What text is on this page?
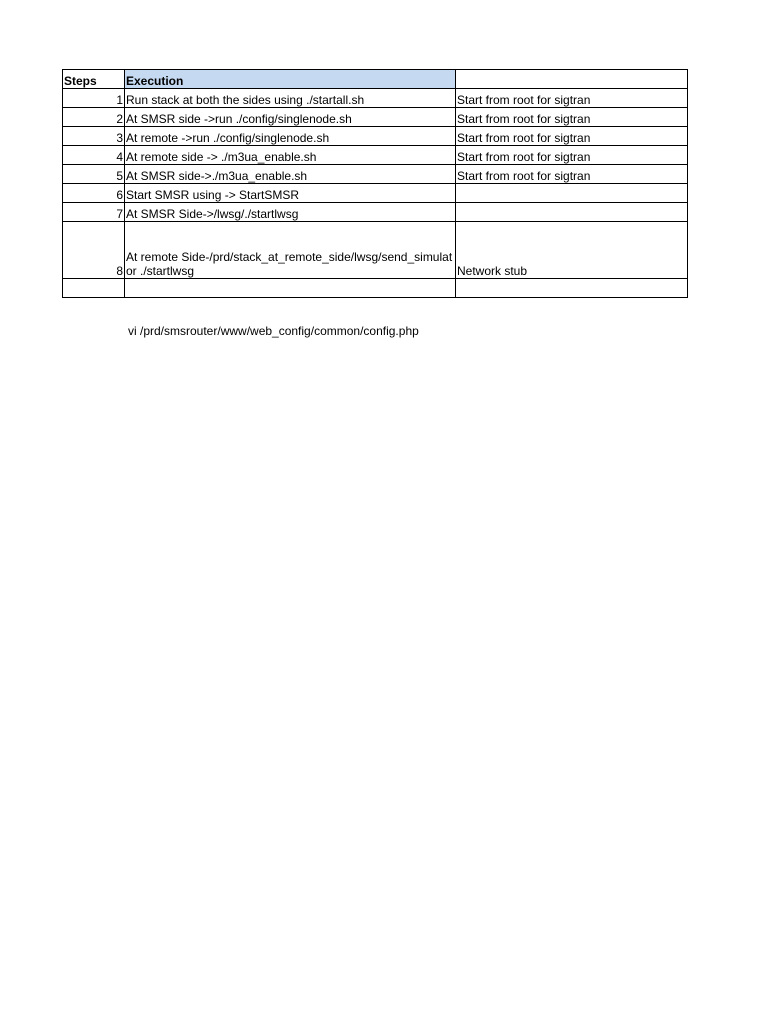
Steps	Execution	
1	Run stack at both the sides using ./startall.sh	Start from root for sigtran
2	At SMSR side ->run ./config/singlenode.sh	Start from root for sigtran
3	At remote ->run ./config/singlenode.sh	Start from root for sigtran
4	At remote side -> ./m3ua_enable.sh	Start from root for sigtran
5	At SMSR side->./m3ua_enable.sh	Start from root for sigtran
6	Start SMSR using -> StartSMSR	
7	At SMSR Side->/lwsg/./startlwsg	
8	At remote Side-/prd/stack_at_remote_side/lwsg/send_simulator ./startlwsg	Network stub

vi /prd/smsrouter/www/web_config/common/config.php
